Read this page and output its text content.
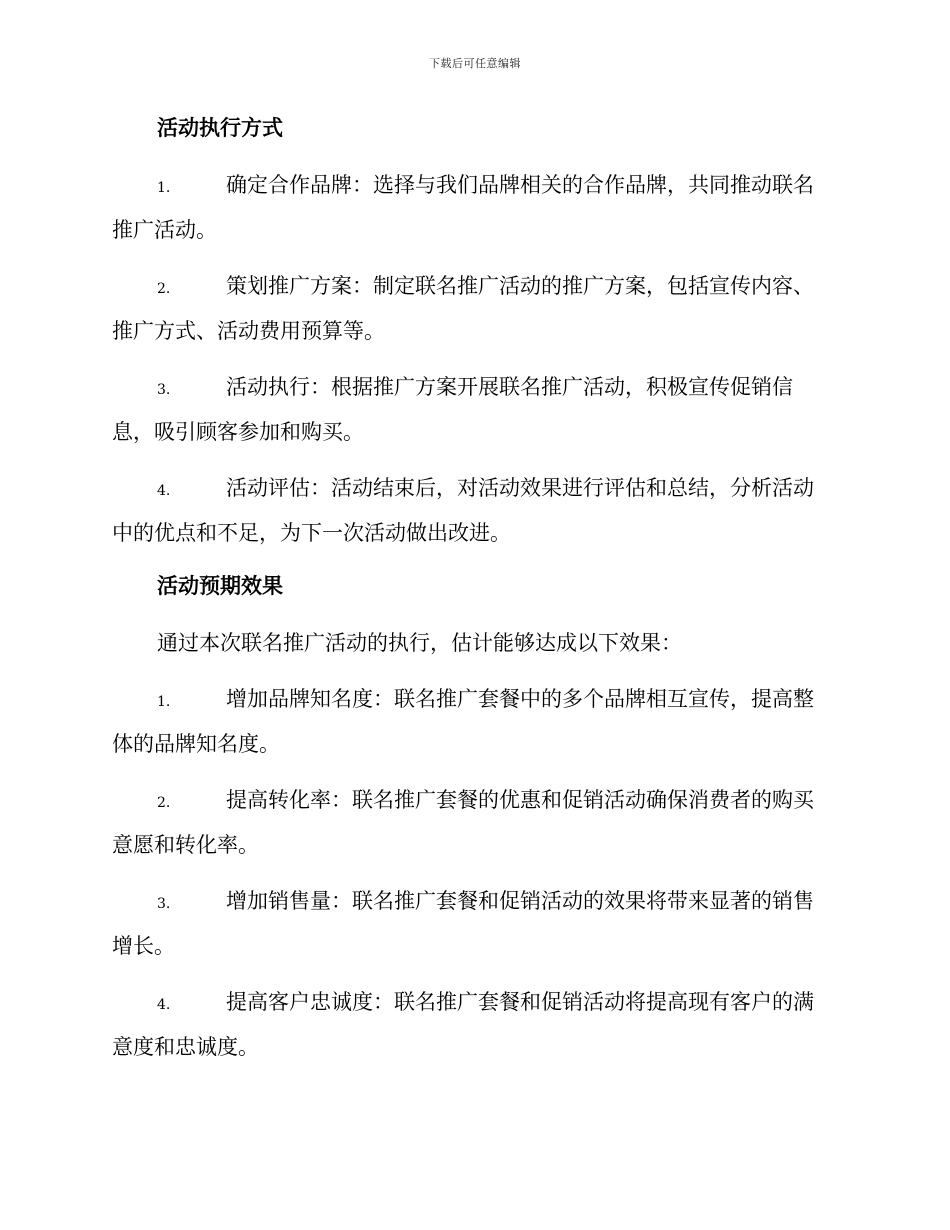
下载后可任意编辑
活动执行方式
1.	确定合作品牌：选择与我们品牌相关的合作品牌，共同推动联名推广活动。
2.	策划推广方案：制定联名推广活动的推广方案，包括宣传内容、推广方式、活动费用预算等。
3.	活动执行：根据推广方案开展联名推广活动，积极宣传促销信息，吸引顾客参加和购买。
4.	活动评估：活动结束后，对活动效果进行评估和总结，分析活动中的优点和不足，为下一次活动做出改进。
活动预期效果
通过本次联名推广活动的执行，估计能够达成以下效果：
1.	增加品牌知名度：联名推广套餐中的多个品牌相互宣传，提高整体的品牌知名度。
2.	提高转化率：联名推广套餐的优惠和促销活动确保消费者的购买意愿和转化率。
3.	增加销售量：联名推广套餐和促销活动的效果将带来显著的销售增长。
4.	提高客户忠诚度：联名推广套餐和促销活动将提高现有客户的满意度和忠诚度。
